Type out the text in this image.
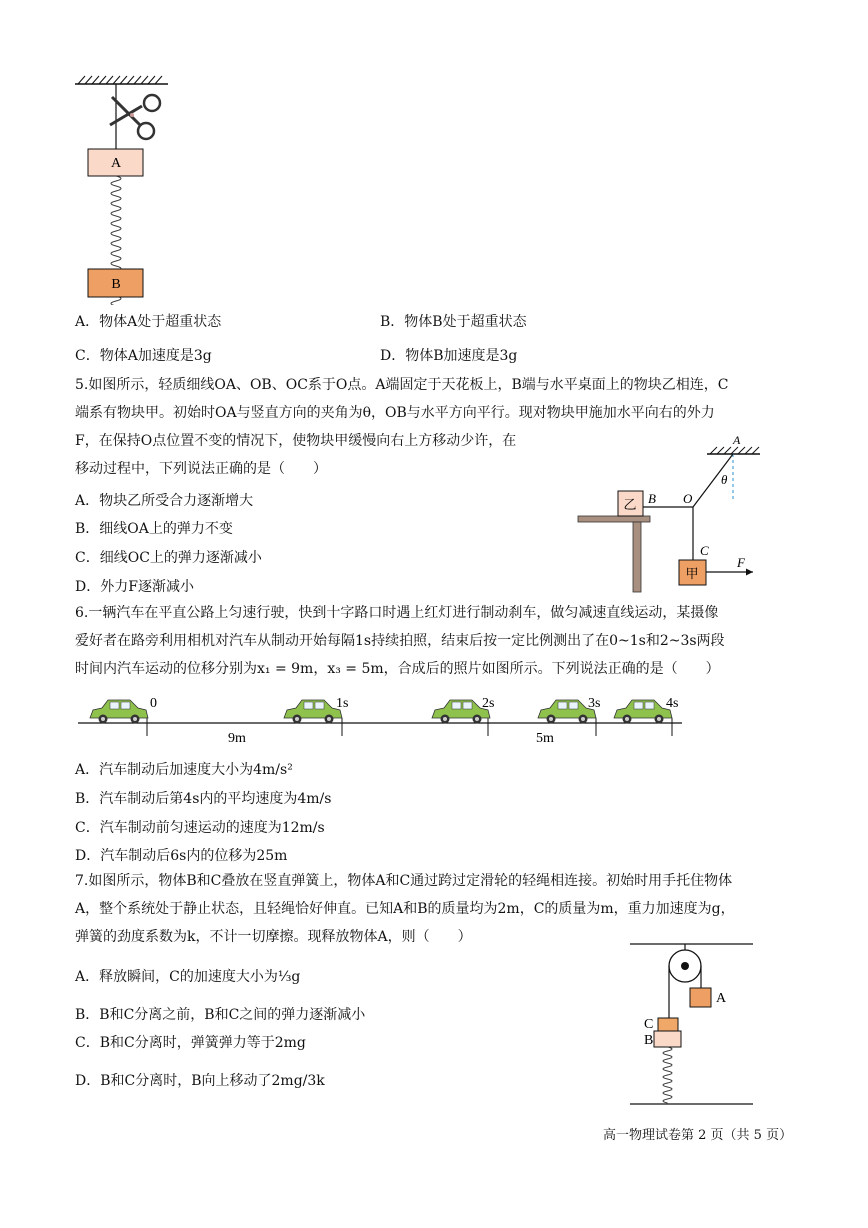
A
B
A．物体A处于超重状态	B．物体B处于超重状态
C．物体A加速度是3g	D．物体B加速度是3g
5.如图所示，轻质细线OA、OB、OC系于O点。A端固定于天花板上，B端与水平桌面上的物块乙相连，C
端系有物块甲。初始时OA与竖直方向的夹角为θ，OB与水平方向平行。现对物块甲施加水平向右的外力
F，在保持O点位置不变的情况下，使物块甲缓慢向右上方移动少许，在
移动过程中，下列说法正确的是（　　）
A．物块乙所受合力逐渐增大
B．细线OA上的弹力不变
C．细线OC上的弹力逐渐减小
D．外力F逐渐减小
A
θ
B O
C
乙
甲
F
6.一辆汽车在平直公路上匀速行驶，快到十字路口时遇上红灯进行制动刹车，做匀减速直线运动，某摄像
爱好者在路旁利用相机对汽车从制动开始每隔1s持续拍照，结束后按一定比例测出了在0~1s和2~3s两段
时间内汽车运动的位移分别为x₁ = 9m，x₃ = 5m，合成后的照片如图所示。下列说法正确的是（　　）
0	1s	2s	3s	4s
9m	5m
A．汽车制动后加速度大小为4m/s²
B．汽车制动后第4s内的平均速度为4m/s
C．汽车制动前匀速运动的速度为12m/s
D．汽车制动后6s内的位移为25m
7.如图所示，物体B和C叠放在竖直弹簧上，物体A和C通过跨过定滑轮的轻绳相连接。初始时用手托住物体
A，整个系统处于静止状态，且轻绳恰好伸直。已知A和B的质量均为2m，C的质量为m，重力加速度为g，
弹簧的劲度系数为k，不计一切摩擦。现释放物体A，则（　　）
A．释放瞬间，C的加速度大小为⅓g
B．B和C分离之前，B和C之间的弹力逐渐减小
C．B和C分离时，弹簧弹力等于2mg
D．B和C分离时，B向上移动了2mg/3k
A
C
B
高一物理试卷第 2 页（共 5 页）
